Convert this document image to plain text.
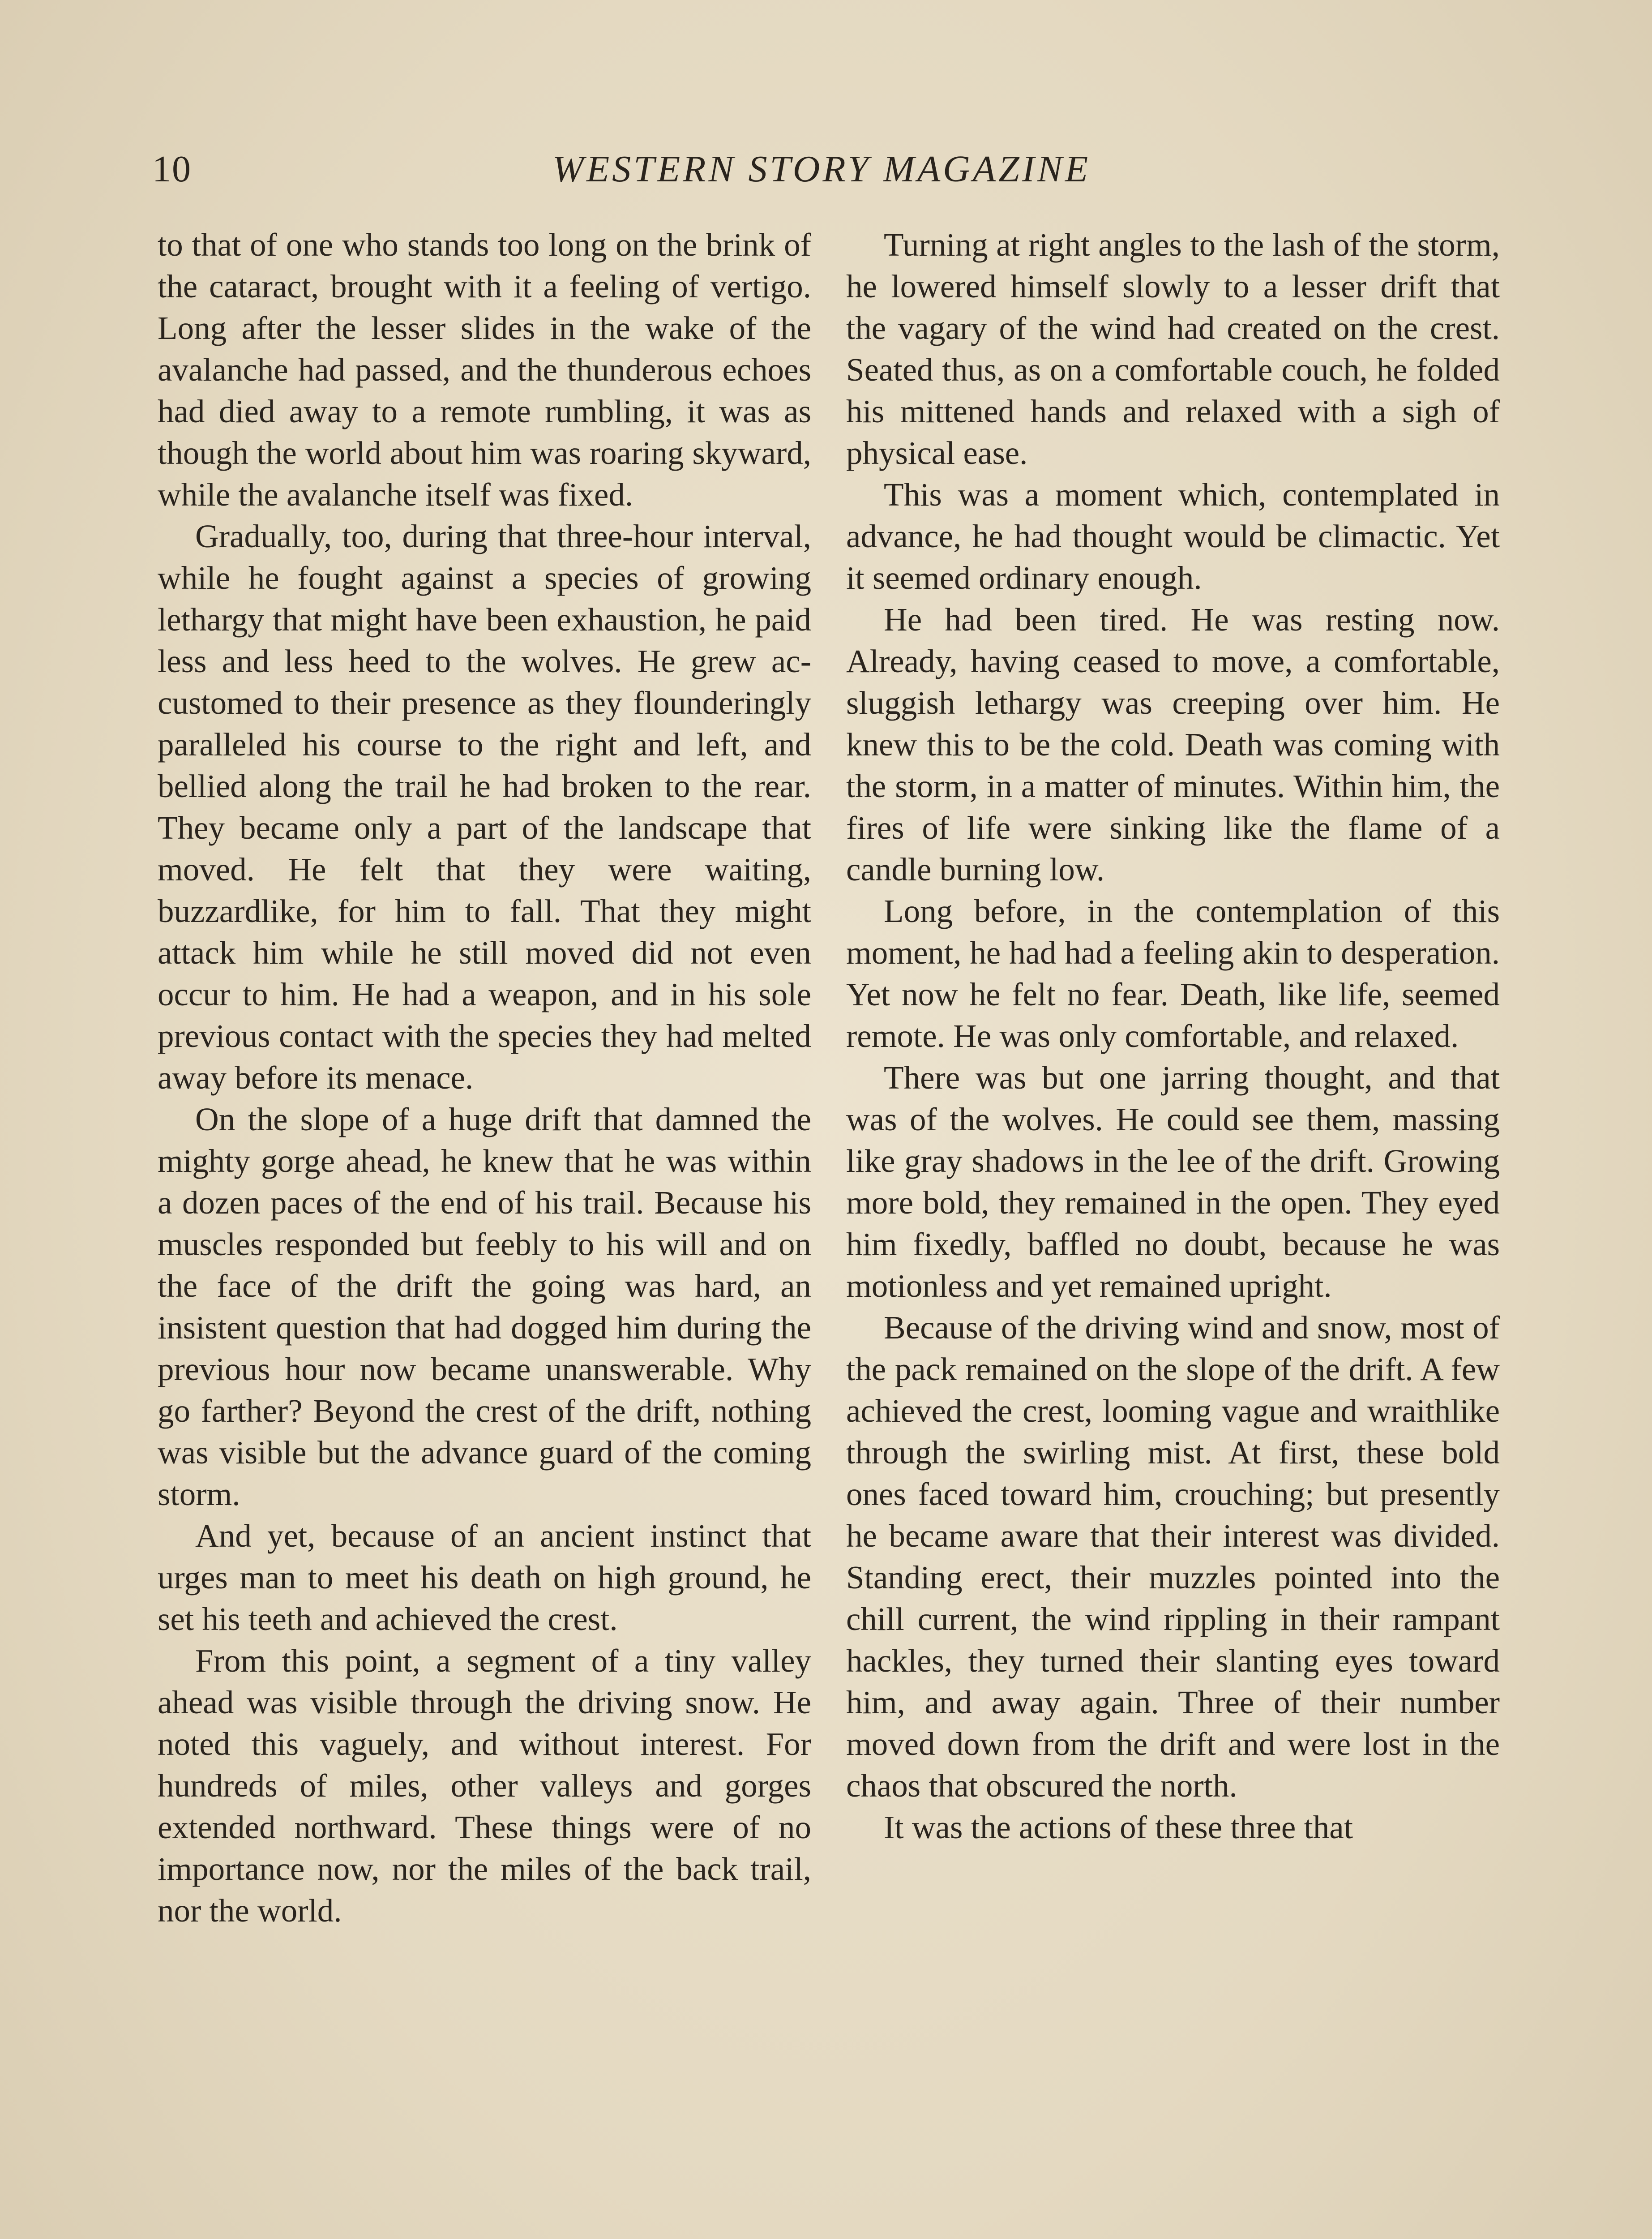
10	WESTERN STORY MAGAZINE

to that of one who stands too long on the brink of the cataract, brought with it a feeling of vertigo. Long after the lesser slides in the wake of the avalanche had passed, and the thunderous echoes had died away to a remote rumbling, it was as though the world about him was roaring skyward, while the avalanche itself was fixed.

Gradually, too, during that three-hour interval, while he fought against a species of growing lethargy that might have been exhaustion, he paid less and less heed to the wolves. He grew accustomed to their presence as they flounderingly paralleled his course to the right and left, and bellied along the trail he had broken to the rear. They became only a part of the landscape that moved. He felt that they were waiting, buzzardlike, for him to fall. That they might attack him while he still moved did not even occur to him. He had a weapon, and in his sole previous contact with the species they had melted away before its menace.

On the slope of a huge drift that damned the mighty gorge ahead, he knew that he was within a dozen paces of the end of his trail. Because his muscles responded but feebly to his will and on the face of the drift the going was hard, an insistent question that had dogged him during the previous hour now became unanswerable. Why go farther? Beyond the crest of the drift, nothing was visible but the advance guard of the coming storm.

And yet, because of an ancient instinct that urges man to meet his death on high ground, he set his teeth and achieved the crest.

From this point, a segment of a tiny valley ahead was visible through the driving snow. He noted this vaguely, and without interest. For hundreds of miles, other valleys and gorges extended northward. These things were of no importance now, nor the miles of the back trail, nor the world.

Turning at right angles to the lash of the storm, he lowered himself slowly to a lesser drift that the vagary of the wind had created on the crest. Seated thus, as on a comfortable couch, he folded his mittened hands and relaxed with a sigh of physical ease.

This was a moment which, contemplated in advance, he had thought would be climactic. Yet it seemed ordinary enough.

He had been tired. He was resting now. Already, having ceased to move, a comfortable, sluggish lethargy was creeping over him. He knew this to be the cold. Death was coming with the storm, in a matter of minutes. Within him, the fires of life were sinking like the flame of a candle burning low.

Long before, in the contemplation of this moment, he had had a feeling akin to desperation. Yet now he felt no fear. Death, like life, seemed remote. He was only comfortable, and relaxed.

There was but one jarring thought, and that was of the wolves. He could see them, massing like gray shadows in the lee of the drift. Growing more bold, they remained in the open. They eyed him fixedly, baffled no doubt, because he was motionless and yet remained upright.

Because of the driving wind and snow, most of the pack remained on the slope of the drift. A few achieved the crest, looming vague and wraithlike through the swirling mist. At first, these bold ones faced toward him, crouching; but presently he became aware that their interest was divided. Standing erect, their muzzles pointed into the chill current, the wind rippling in their rampant hackles, they turned their slanting eyes toward him, and away again. Three of their number moved down from the drift and were lost in the chaos that obscured the north.

It was the actions of these three that
